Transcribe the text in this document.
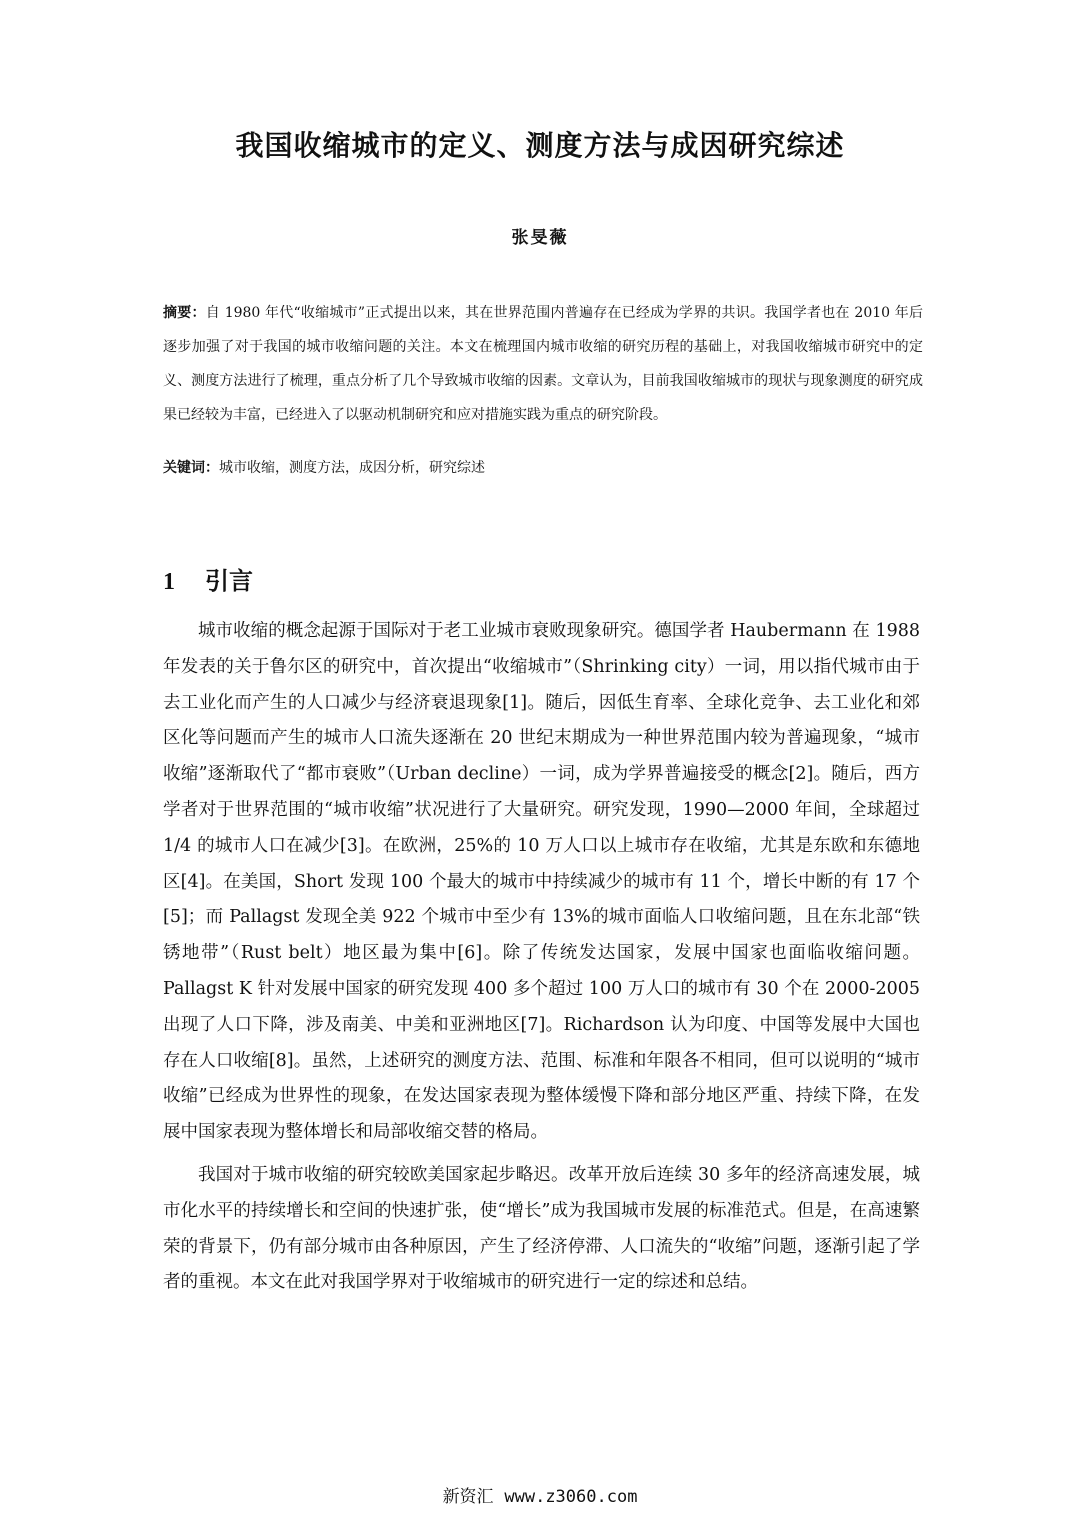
我国收缩城市的定义、测度方法与成因研究综述
张旻薇
摘要：自 1980 年代“收缩城市”正式提出以来，其在世界范围内普遍存在已经成为学界的共识。我国学者也在 2010 年后逐步加强了对于我国的城市收缩问题的关注。本文在梳理国内城市收缩的研究历程的基础上，对我国收缩城市研究中的定义、测度方法进行了梳理，重点分析了几个导致城市收缩的因素。文章认为，目前我国收缩城市的现状与现象测度的研究成果已经较为丰富，已经进入了以驱动机制研究和应对措施实践为重点的研究阶段。
关键词：城市收缩，测度方法，成因分析，研究综述
1 引言

城市收缩的概念起源于国际对于老工业城市衰败现象研究。德国学者 Haubermann 在 1988 年发表的关于鲁尔区的研究中，首次提出“收缩城市”（Shrinking city）一词，用以指代城市由于去工业化而产生的人口减少与经济衰退现象[1]。随后，因低生育率、全球化竞争、去工业化和郊区化等问题而产生的城市人口流失逐渐在 20 世纪末期成为一种世界范围内较为普遍现象，“城市收缩”逐渐取代了“都市衰败”（Urban decline）一词，成为学界普遍接受的概念[2]。随后，西方学者对于世界范围的“城市收缩”状况进行了大量研究。研究发现，1990—2000 年间，全球超过 1/4 的城市人口在减少[3]。在欧洲，25%的 10 万人口以上城市存在收缩，尤其是东欧和东德地区[4]。在美国，Short 发现 100 个最大的城市中持续减少的城市有 11 个，增长中断的有 17 个[5]；而 Pallagst 发现全美 922 个城市中至少有 13%的城市面临人口收缩问题，且在东北部“铁锈地带”（Rust belt）地区最为集中[6]。除了传统发达国家，发展中国家也面临收缩问题。Pallagst K 针对发展中国家的研究发现 400 多个超过 100 万人口的城市有 30 个在 2000-2005 出现了人口下降，涉及南美、中美和亚洲地区[7]。Richardson 认为印度、中国等发展中大国也存在人口收缩[8]。虽然，上述研究的测度方法、范围、标准和年限各不相同，但可以说明的“城市收缩”已经成为世界性的现象，在发达国家表现为整体缓慢下降和部分地区严重、持续下降，在发展中国家表现为整体增长和局部收缩交替的格局。

我国对于城市收缩的研究较欧美国家起步略迟。改革开放后连续 30 多年的经济高速发展，城市化水平的持续增长和空间的快速扩张，使“增长”成为我国城市发展的标准范式。但是，在高速繁荣的背景下，仍有部分城市由各种原因，产生了经济停滞、人口流失的“收缩”问题，逐渐引起了学者的重视。本文在此对我国学界对于收缩城市的研究进行一定的综述和总结。

新资汇 www.z3060.com
